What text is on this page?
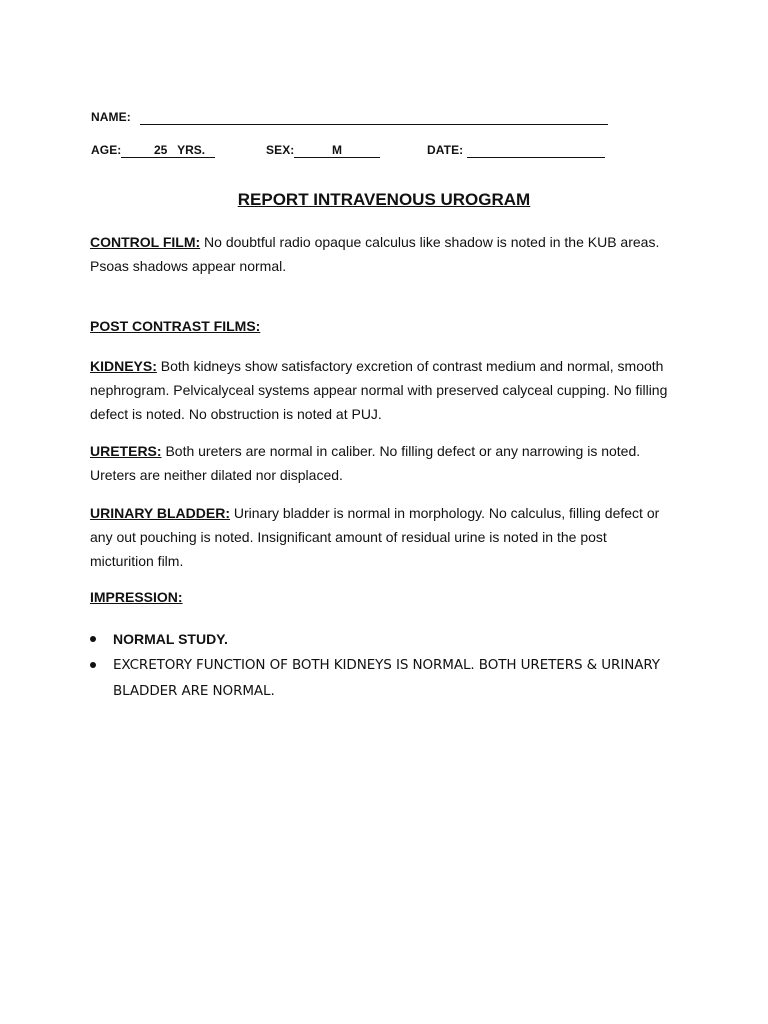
NAME:
AGE:	25   YRS.	SEX:	M	DATE:
REPORT INTRAVENOUS UROGRAM
CONTROL FILM: No doubtful radio opaque calculus like shadow is noted in the KUB areas.
Psoas shadows appear normal.
POST CONTRAST FILMS:
KIDNEYS: Both kidneys show satisfactory excretion of contrast medium and normal, smooth nephrogram. Pelvicalyceal systems appear normal with preserved calyceal cupping. No filling defect is noted. No obstruction is noted at PUJ.
URETERS: Both ureters are normal in caliber. No filling defect or any narrowing is noted. Ureters are neither dilated nor displaced.
URINARY BLADDER: Urinary bladder is normal in morphology. No calculus, filling defect or any out pouching is noted. Insignificant amount of residual urine is noted in the post micturition film.
IMPRESSION:
NORMAL STUDY.
EXCRETORY FUNCTION OF BOTH KIDNEYS IS NORMAL. BOTH URETERS & URINARY BLADDER ARE NORMAL.
